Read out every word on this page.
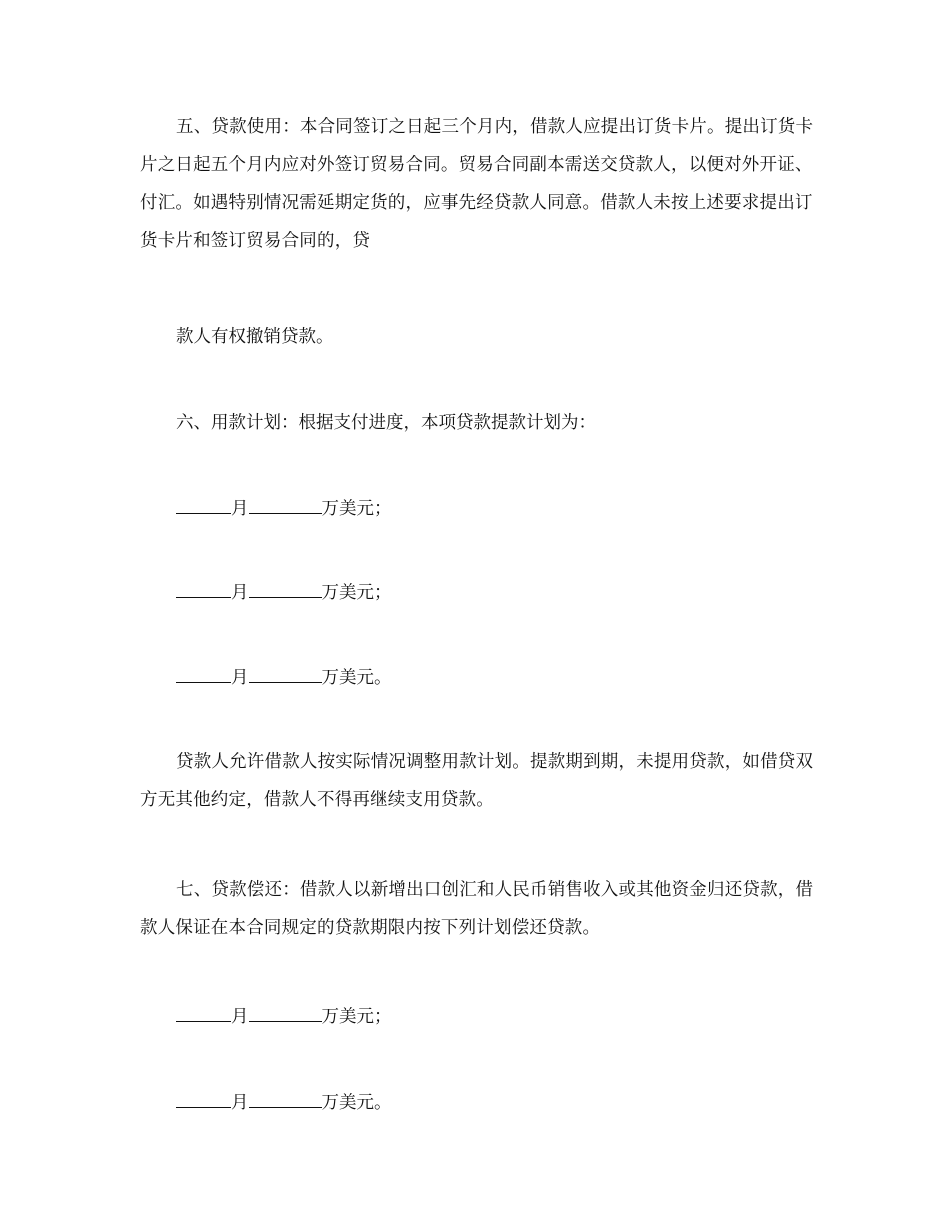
五、贷款使用：本合同签订之日起三个月内，借款人应提出订货卡片。提出订货卡片之日起五个月内应对外签订贸易合同。贸易合同副本需送交贷款人，以便对外开证、付汇。如遇特别情况需延期定货的，应事先经贷款人同意。借款人未按上述要求提出订货卡片和签订贸易合同的，贷

款人有权撤销贷款。

六、用款计划：根据支付进度，本项贷款提款计划为：

月	万美元；

月	万美元；

月	万美元。

贷款人允许借款人按实际情况调整用款计划。提款期到期，未提用贷款，如借贷双方无其他约定，借款人不得再继续支用贷款。

七、贷款偿还：借款人以新增出口创汇和人民币销售收入或其他资金归还贷款，借款人保证在本合同规定的贷款期限内按下列计划偿还贷款。

月	万美元；

月	万美元。
